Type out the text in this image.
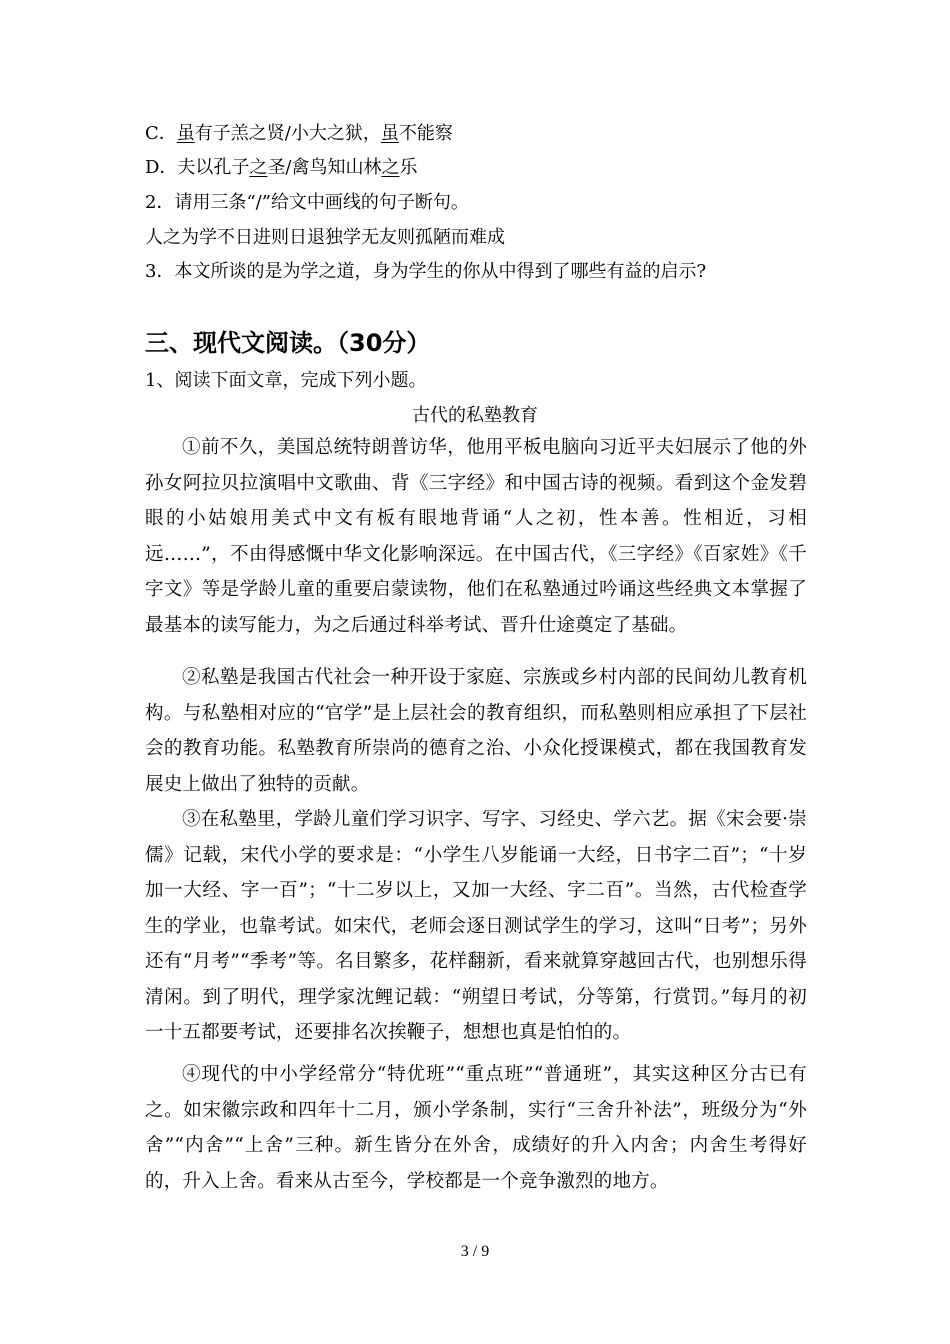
C．虽有子羔之贤/小大之狱，虽不能察
D．夫以孔子之圣/禽鸟知山林之乐
2．请用三条“/”给文中画线的句子断句。
人之为学不日进则日退独学无友则孤陋而难成
3．本文所谈的是为学之道，身为学生的你从中得到了哪些有益的启示?
三、现代文阅读。（30分）
1、阅读下面文章，完成下列小题。
古代的私塾教育
①前不久，美国总统特朗普访华，他用平板电脑向习近平夫妇展示了他的外孙女阿拉贝拉演唱中文歌曲、背《三字经》和中国古诗的视频。看到这个金发碧眼的小姑娘用美式中文有板有眼地背诵“人之初，性本善。性相近，习相远……”，不由得感慨中华文化影响深远。在中国古代，《三字经》《百家姓》《千字文》等是学龄儿童的重要启蒙读物，他们在私塾通过吟诵这些经典文本掌握了最基本的读写能力，为之后通过科举考试、晋升仕途奠定了基础。
②私塾是我国古代社会一种开设于家庭、宗族或乡村内部的民间幼儿教育机构。与私塾相对应的“官学”是上层社会的教育组织，而私塾则相应承担了下层社会的教育功能。私塾教育所崇尚的德育之治、小众化授课模式，都在我国教育发展史上做出了独特的贡献。
③在私塾里，学龄儿童们学习识字、写字、习经史、学六艺。据《宋会要·崇儒》记载，宋代小学的要求是：“小学生八岁能诵一大经，日书字二百”；“十岁加一大经、字一百”；“十二岁以上，又加一大经、字二百”。当然，古代检查学生的学业，也靠考试。如宋代，老师会逐日测试学生的学习，这叫“日考”；另外还有“月考”“季考”等。名目繁多，花样翻新，看来就算穿越回古代，也别想乐得清闲。到了明代，理学家沈鲤记载：“朔望日考试，分等第，行赏罚。”每月的初一十五都要考试，还要排名次挨鞭子，想想也真是怕怕的。
④现代的中小学经常分“特优班”“重点班”“普通班”，其实这种区分古已有之。如宋徽宗政和四年十二月，颁小学条制，实行“三舍升补法”，班级分为“外舍”“内舍”“上舍”三种。新生皆分在外舍，成绩好的升入内舍；内舍生考得好的，升入上舍。看来从古至今，学校都是一个竞争激烈的地方。
3 / 9
